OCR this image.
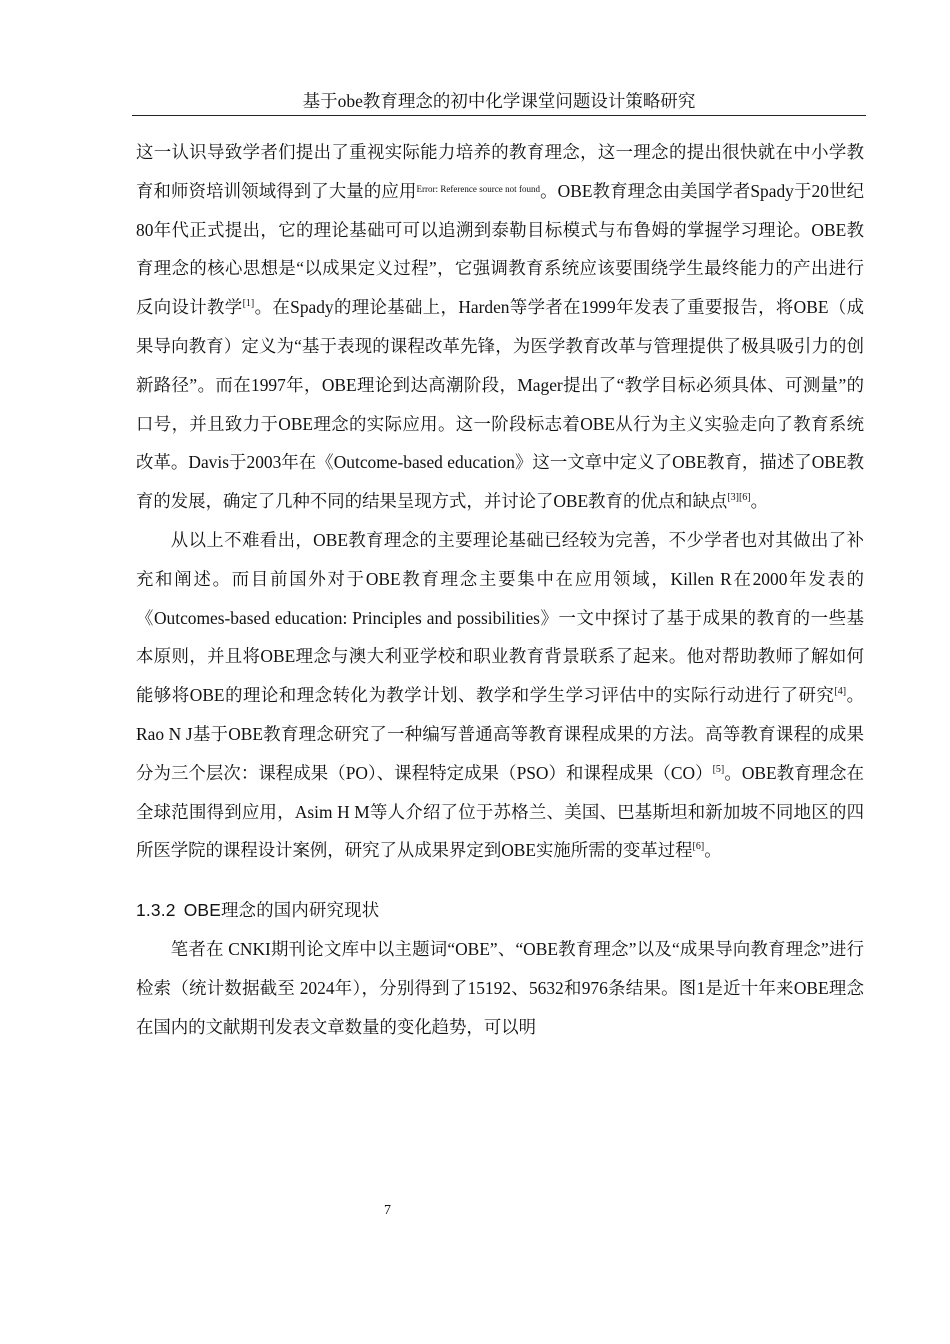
基于obe教育理念的初中化学课堂问题设计策略研究

这一认识导致学者们提出了重视实际能力培养的教育理念，这一理念的提出很快就在中小学教育和师资培训领域得到了大量的应用$^{Error: Reference source not found}$。OBE教育理念由美国学者Spady于20世纪80年代正式提出，它的理论基础可可以追溯到泰勒目标模式与布鲁姆的掌握学习理论。OBE教育理念的核心思想是“以成果定义过程”，它强调教育系统应该要围绕学生最终能力的产出进行反向设计教学[1]。在Spady的理论基础上，Harden等学者在1999年发表了重要报告，将OBE（成果导向教育）定义为“基于表现的课程改革先锋，为医学教育改革与管理提供了极具吸引力的创新路径”。而在1997年，OBE理论到达高潮阶段，Mager提出了“教学目标必须具体、可测量”的口号，并且致力于OBE理念的实际应用。这一阶段标志着OBE从行为主义实验走向了教育系统改革。Davis于2003年在《Outcome-based education》这一文章中定义了OBE教育，描述了OBE教育的发展，确定了几种不同的结果呈现方式，并讨论了OBE教育的优点和缺点[3][6]。

从以上不难看出，OBE教育理念的主要理论基础已经较为完善，不少学者也对其做出了补充和阐述。而目前国外对于OBE教育理念主要集中在应用领域，Killen R在2000年发表的《Outcomes-based education: Principles and possibilities》一文中探讨了基于成果的教育的一些基本原则，并且将OBE理念与澳大利亚学校和职业教育背景联系了起来。他对帮助教师了解如何能够将OBE的理论和理念转化为教学计划、教学和学生学习评估中的实际行动进行了研究[4]。Rao N J基于OBE教育理念研究了一种编写普通高等教育课程成果的方法。高等教育课程的成果分为三个层次：课程成果（PO）、课程特定成果（PSO）和课程成果（CO）[5]。OBE教育理念在全球范围得到应用，Asim H M等人介绍了位于苏格兰、美国、巴基斯坦和新加坡不同地区的四所医学院的课程设计案例，研究了从成果界定到OBE实施所需的变革过程[6]。

1.3.2 OBE理念的国内研究现状

笔者在 CNKI期刊论文库中以主题词“OBE”、“OBE教育理念”以及“成果导向教育理念”进行检索（统计数据截至 2024年），分别得到了15192、5632和976条结果。图1是近十年来OBE理念在国内的文献期刊发表文章数量的变化趋势，可以明

7
